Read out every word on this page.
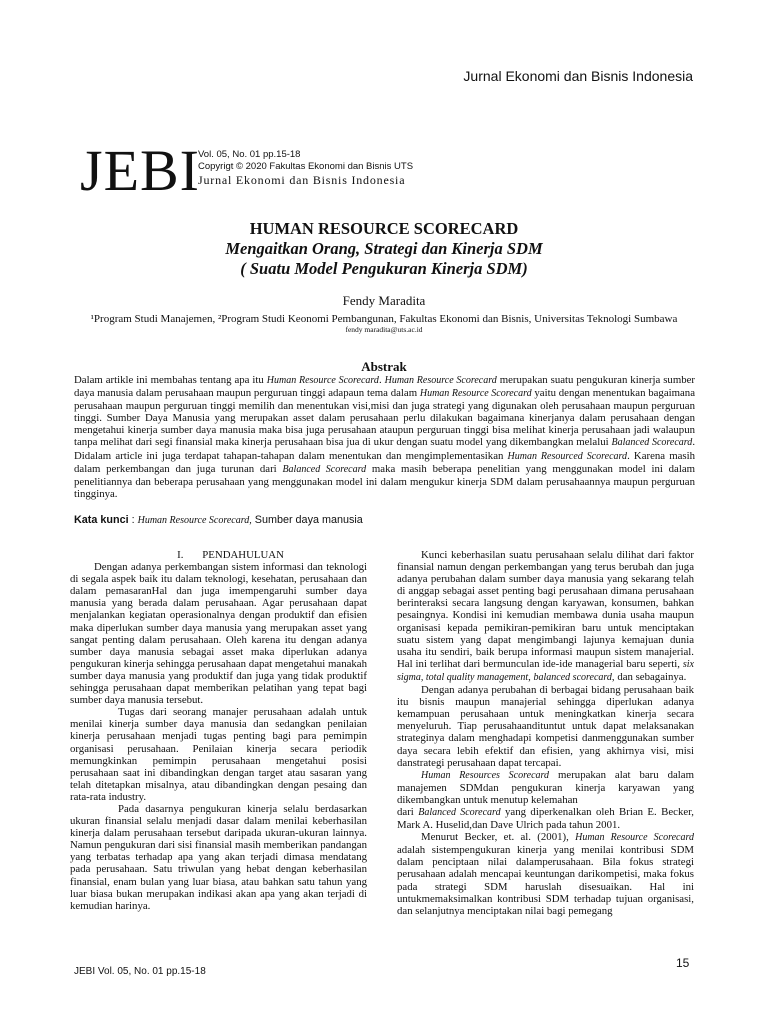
Jurnal Ekonomi dan Bisnis Indonesia
JEBI
Vol. 05, No. 01 pp.15-18
Copyrigt © 2020 Fakultas Ekonomi dan Bisnis UTS
Jurnal Ekonomi dan Bisnis Indonesia
HUMAN RESOURCE SCORECARD
Mengaitkan Orang, Strategi dan Kinerja SDM
( Suatu Model Pengukuran Kinerja SDM)
Fendy Maradita
¹Program Studi Manajemen, ²Program Studi Keonomi Pembangunan, Fakultas Ekonomi dan Bisnis, Universitas Teknologi Sumbawa
fendy maradita@uts.ac.id
Abstrak
Dalam artikle ini membahas tentang apa itu Human Resource Scorecard. Human Resource Scorecard merupakan suatu pengukuran kinerja sumber daya manusia dalam perusahaan maupun perguruan tinggi adapaun tema dalam Human Resource Scorecard yaitu dengan menentukan bagaimana perusahaan maupun perguruan tinggi memilih dan menentukan visi,misi dan juga strategi yang digunakan oleh perusahaan maupun perguruan tinggi. Sumber Daya Manusia yang merupakan asset dalam perusahaan perlu dilakukan bagaimana kinerjanya dalam perusahaan dengan mengetahui kinerja sumber daya manusia maka bisa juga perusahaan ataupun perguruan tinggi bisa melihat kinerja perusahaan jadi walaupun tanpa melihat dari segi finansial maka kinerja perusahaan bisa jua di ukur dengan suatu model yang dikembangkan melalui Balanced Scorecard. Didalam article ini juga terdapat tahapan-tahapan dalam menentukan dan mengimplementasikan Human Resourced Scorecard. Karena masih dalam perkembangan dan juga turunan dari Balanced Scorecard maka masih beberapa penelitian yang menggunakan model ini dalam penelitiannya dan beberapa perusahaan yang menggunakan model ini dalam mengukur kinerja SDM dalam perusahaannya maupun perguruan tingginya.
Kata kunci : Human Resource Scorecard, Sumber daya manusia

I.       PENDAHULUAN

Dengan adanya perkembangan sistem informasi dan teknologi di segala aspek baik itu dalam teknologi, kesehatan, perusahaan dan dalam pemasaranHal dan juga imempengaruhi sumber daya manusia yang berada dalam perusahaan. Agar perusahaan dapat menjalankan kegiatan operasionalnya dengan produktif dan efisien maka diperlukan sumber daya manusia yang merupakan asset yang sangat penting dalam perusahaan. Oleh karena itu dengan adanya sumber daya manusia sebagai asset maka diperlukan adanya pengukuran kinerja sehingga perusahaan dapat mengetahui manakah sumber daya manusia yang produktif dan juga yang tidak produktif sehingga perusahaan dapat memberikan pelatihan yang tepat bagi sumber daya manusia tersebut.

Tugas dari seorang manajer perusahaan adalah untuk menilai kinerja sumber daya manusia dan sedangkan penilaian kinerja perusahaan menjadi tugas penting bagi para pemimpin organisasi perusahaan. Penilaian kinerja secara periodik memungkinkan pemimpin perusahaan mengetahui posisi perusahaan saat ini dibandingkan dengan target atau sasaran yang telah ditetapkan misalnya, atau dibandingkan dengan pesaing dan rata-rata industry.

Pada dasarnya pengukuran kinerja selalu berdasarkan ukuran finansial selalu menjadi dasar dalam menilai keberhasilan kinerja dalam perusahaan tersebut daripada ukuran-ukuran lainnya. Namun pengukuran dari sisi finansial masih memberikan pandangan yang terbatas terhadap apa yang akan terjadi dimasa mendatang pada perusahaan. Satu triwulan yang hebat dengan keberhasilan finansial, enam bulan yang luar biasa, atau bahkan satu tahun yang luar biasa bukan merupakan indikasi akan apa yang akan terjadi di kemudian harinya.

Kunci keberhasilan suatu perusahaan selalu dilihat dari faktor finansial namun dengan perkembangan yang terus berubah dan juga adanya perubahan dalam sumber daya manusia yang sekarang telah di anggap sebagai asset penting bagi perusahaan dimana perusahaan berinteraksi secara langsung dengan karyawan, konsumen, bahkan pesaingnya. Kondisi ini kemudian membawa dunia usaha maupun organisasi kepada pemikiran-pemikiran baru untuk menciptakan suatu sistem yang dapat mengimbangi lajunya kemajuan dunia usaha itu sendiri, baik berupa informasi maupun sistem manajerial. Hal ini terlihat dari bermunculan ide-ide managerial baru seperti, six sigma, total quality management, balanced scorecard, dan sebagainya.

Dengan adanya perubahan di berbagai bidang perusahaan baik itu bisnis maupun manajerial sehingga diperlukan adanya kemampuan perusahaan untuk meningkatkan kinerja secara menyeluruh. Tiap perusahaandituntut untuk dapat melaksanakan strateginya dalam menghadapi kompetisi danmenggunakan sumber daya secara lebih efektif dan efisien, yang akhirnya visi, misi danstrategi perusahaan dapat tercapai.

Human Resources Scorecard merupakan alat baru dalam manajemen SDMdan pengukuran kinerja karyawan yang dikembangkan untuk menutup kelemahan

dari Balanced Scorecard yang diperkenalkan oleh Brian E. Becker, Mark A. Huselid,dan Dave Ulrich pada tahun 2001.

Menurut Becker, et. al. (2001), Human Resource Scorecard adalah sistempengukuran kinerja yang menilai kontribusi SDM dalam penciptaan nilai dalamperusahaan. Bila fokus strategi perusahaan adalah mencapai keuntungan darikompetisi, maka fokus pada strategi SDM haruslah disesuaikan. Hal ini untukmemaksimalkan kontribusi SDM terhadap tujuan organisasi, dan selanjutnya menciptakan nilai bagi pemegang

JEBI Vol. 05, No. 01 pp.15-18
15
